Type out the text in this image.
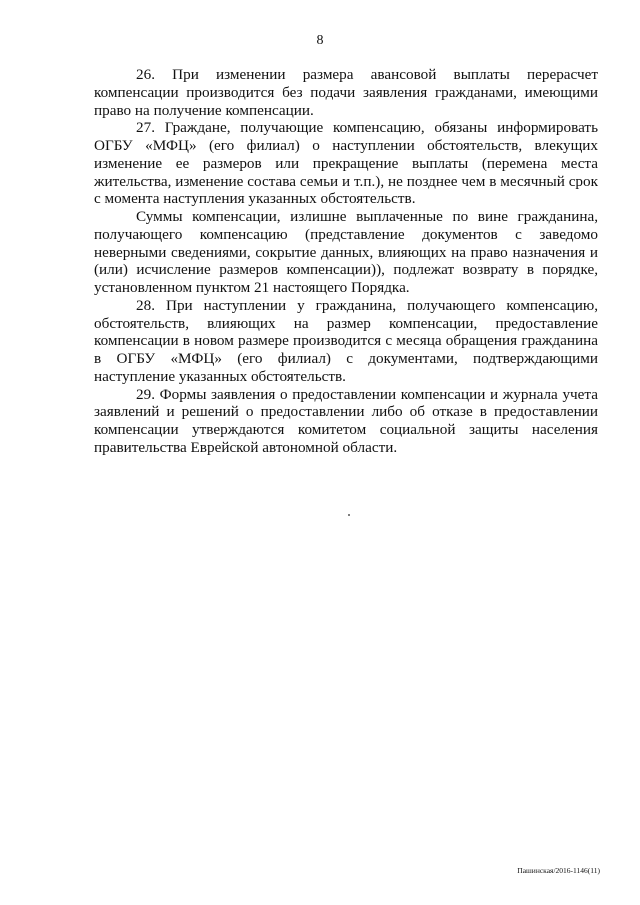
8

26. При изменении размера авансовой выплаты перерасчет компенсации производится без подачи заявления гражданами, имеющими право на получение компенсации.

27. Граждане, получающие компенсацию, обязаны информировать ОГБУ «МФЦ» (его филиал) о наступлении обстоятельств, влекущих изменение ее размеров или прекращение выплаты (перемена места жительства, изменение состава семьи и т.п.), не позднее чем в месячный срок с момента наступления указанных обстоятельств.

Суммы компенсации, излишне выплаченные по вине гражданина, получающего компенсацию (представление документов с заведомо неверными сведениями, сокрытие данных, влияющих на право назначения и (или) исчисление размеров компенсации)), подлежат возврату в порядке, установленном пунктом 21 настоящего Порядка.

28. При наступлении у гражданина, получающего компенсацию, обстоятельств, влияющих на размер компенсации, предоставление компенсации в новом размере производится с месяца обращения гражданина в ОГБУ «МФЦ» (его филиал) с документами, подтверждающими наступление указанных обстоятельств.

29. Формы заявления о предоставлении компенсации и журнала учета заявлений и решений о предоставлении либо об отказе в предоставлении компенсации утверждаются комитетом социальной защиты населения правительства Еврейской автономной области.

Пашинская/2016-1146(11)
